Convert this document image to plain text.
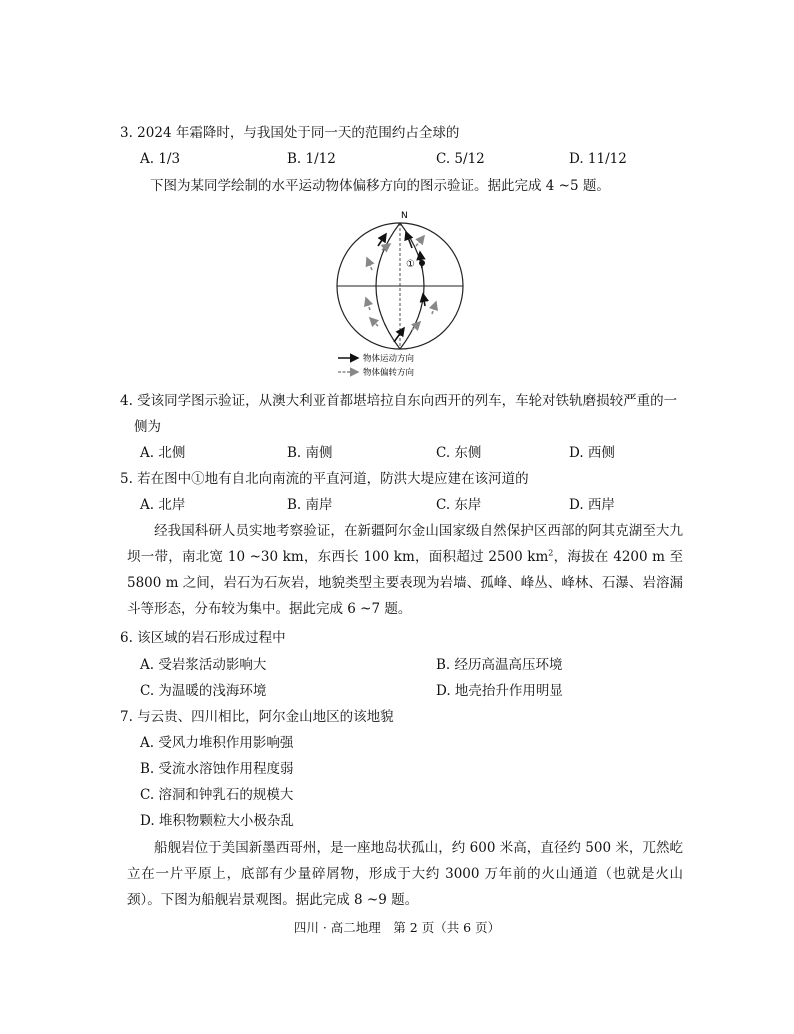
3. 2024 年霜降时，与我国处于同一天的范围约占全球的
A. 1/3	B. 1/12	C. 5/12	D. 11/12
下图为某同学绘制的水平运动物体偏移方向的图示验证。据此完成 4 ~5 题。
N
①
物体运动方向
物体偏转方向
4. 受该同学图示验证，从澳大利亚首都堪培拉自东向西开的列车，车轮对铁轨磨损较严重的一
侧为
A. 北侧	B. 南侧	C. 东侧	D. 西侧
5. 若在图中①地有自北向南流的平直河道，防洪大堤应建在该河道的
A. 北岸	B. 南岸	C. 东岸	D. 西岸
经我国科研人员实地考察验证，在新疆阿尔金山国家级自然保护区西部的阿其克湖至大九坝一带，南北宽 10 ~30 km，东西长 100 km，面积超过 2500 $km^2$，海拔在 4200 m 至 5800 m 之间，岩石为石灰岩，地貌类型主要表现为岩墙、孤峰、峰丛、峰林、石瀑、岩溶漏斗等形态，分布较为集中。据此完成 6 ~7 题。
6. 该区域的岩石形成过程中
A. 受岩浆活动影响大	B. 经历高温高压环境
C. 为温暖的浅海环境	D. 地壳抬升作用明显
7. 与云贵、四川相比，阿尔金山地区的该地貌
A. 受风力堆积作用影响强
B. 受流水溶蚀作用程度弱
C. 溶洞和钟乳石的规模大
D. 堆积物颗粒大小极杂乱
船舰岩位于美国新墨西哥州，是一座地岛状孤山，约 600 米高，直径约 500 米，兀然屹立在一片平原上，底部有少量碎屑物，形成于大约 3000 万年前的火山通道（也就是火山颈）。下图为船舰岩景观图。据此完成 8 ~9 题。
四川 · 高二地理　第 2 页（共 6 页）
